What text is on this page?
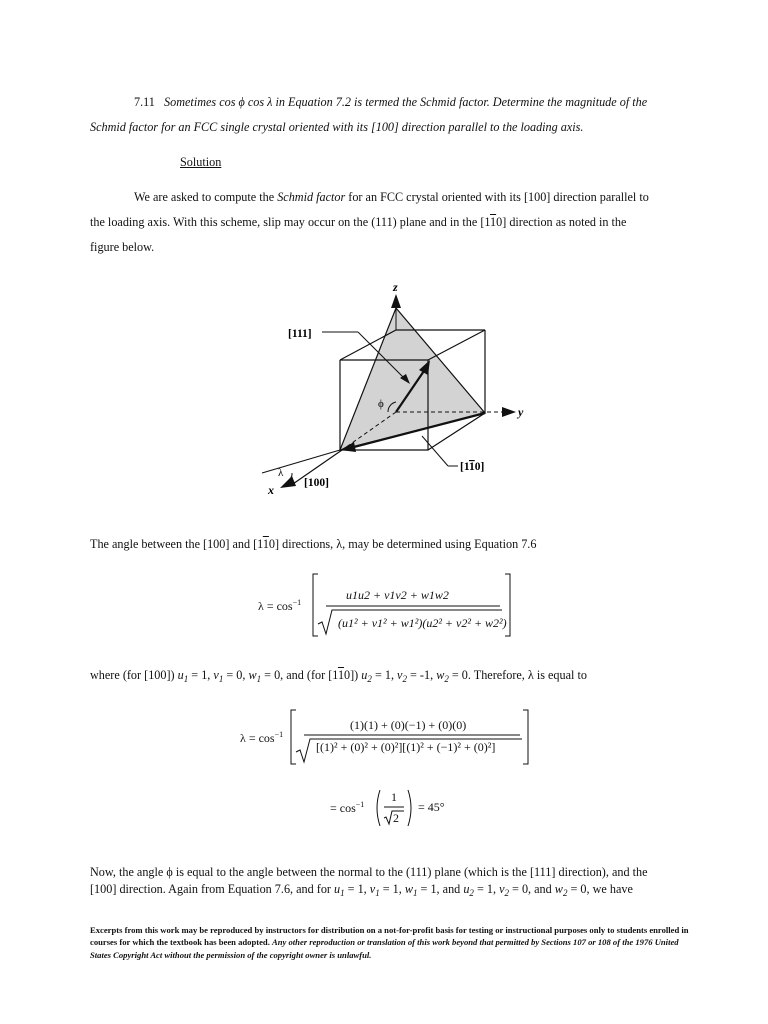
7.11 Sometimes cos ϕ cos λ in Equation 7.2 is termed the Schmid factor. Determine the magnitude of the
Schmid factor for an FCC single crystal oriented with its [100] direction parallel to the loading axis.
Solution
We are asked to compute the Schmid factor for an FCC crystal oriented with its [100] direction parallel to
the loading axis. With this scheme, slip may occur on the (111) plane and in the [110] direction as noted in the
figure below.
z
y
x
[111]
[100]
[110]
ϕ
λ
The angle between the [100] and [110] directions, λ, may be determined using Equation 7.6
$\lambda = \cos^{-1}$
u1u2 + v1v2 + w1w2
(u1² + v1² + w1²)(u2² + v2² + w2²)
where (for [100]) $u_1 = 1$, $v_1 = 0$, $w_1 = 0$, and (for [110]) $u_2 = 1$, $v_2 = -1$, $w_2 = 0$. Therefore, λ is equal to
$\lambda = \cos^{-1}$
(1)(1) + (0)(−1) + (0)(0)
[(1)² + (0)² + (0)²][(1)² + (−1)² + (0)²]
= $\cos^{-1}$
1
2
= 45°
Now, the angle ϕ is equal to the angle between the normal to the (111) plane (which is the [111] direction), and the
[100] direction. Again from Equation 7.6, and for $u_1 = 1$, $v_1 = 1$, $w_1 = 1$, and $u_2 = 1$, $v_2 = 0$, and $w_2 = 0$, we have
Excerpts from this work may be reproduced by instructors for distribution on a not-for-profit basis for testing or instructional purposes only to students enrolled in courses for which the textbook has been adopted. Any other reproduction or translation of this work beyond that permitted by Sections 107 or 108 of the 1976 United States Copyright Act without the permission of the copyright owner is unlawful.
